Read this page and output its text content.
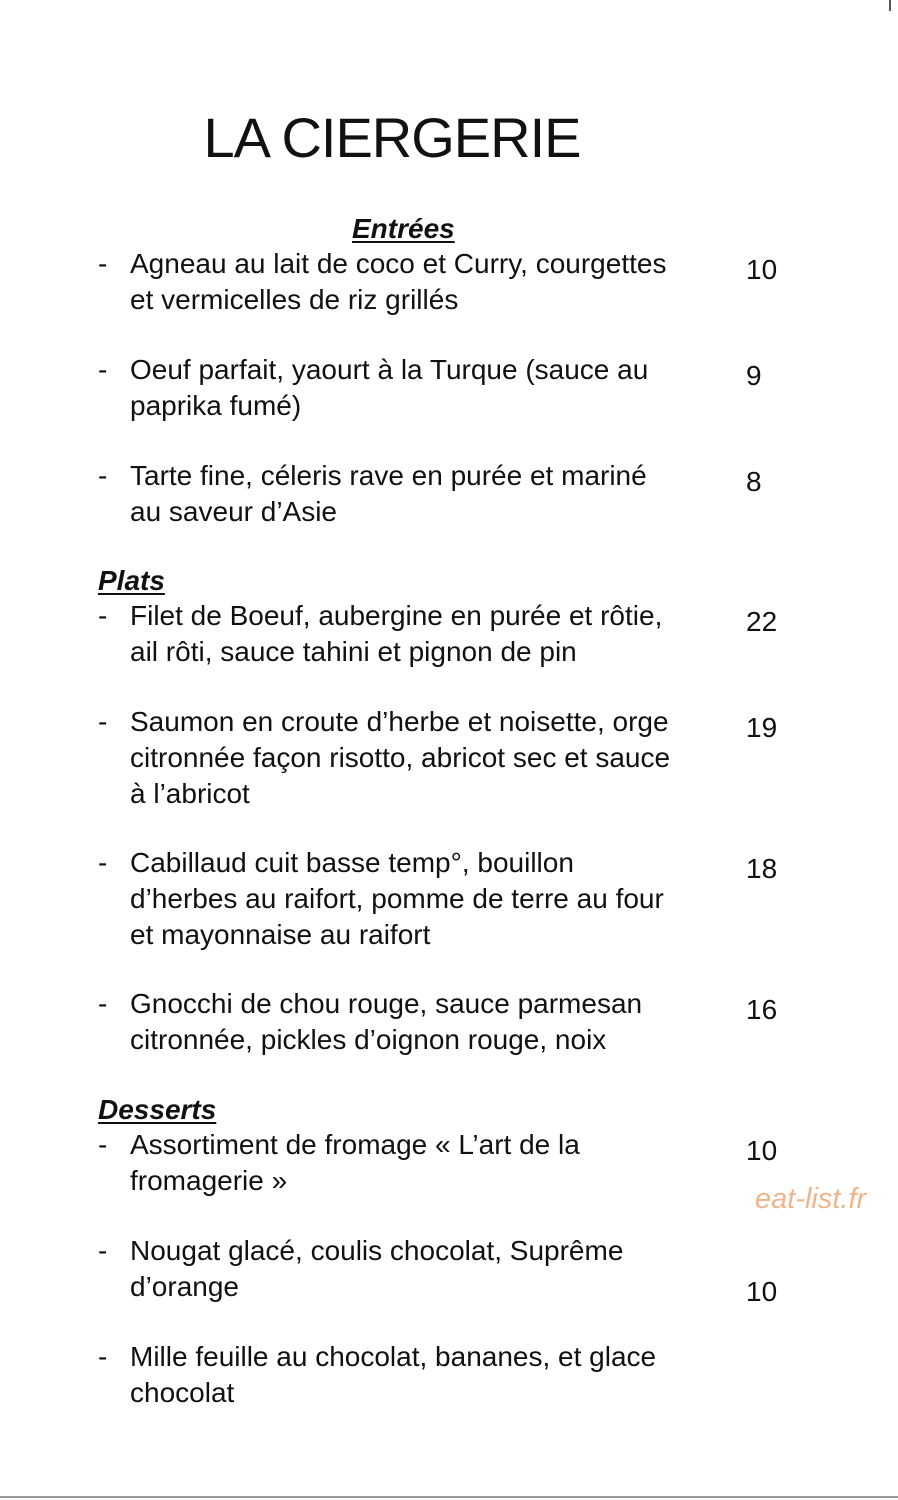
LA CIERGERIE
Entrées
- Agneau au lait de coco et Curry, courgettes
et vermicelles de riz grillés
10
- Oeuf parfait, yaourt à la Turque (sauce au
paprika fumé)
9
- Tarte fine, céleris rave en purée et mariné
au saveur d’Asie
8
Plats
- Filet de Boeuf, aubergine en purée et rôtie,
ail rôti, sauce tahini et pignon de pin
22
- Saumon en croute d’herbe et noisette, orge
citronnée façon risotto, abricot sec et sauce
à l’abricot
19
- Cabillaud cuit basse temp°, bouillon
d’herbes au raifort, pomme de terre au four
et mayonnaise au raifort
18
- Gnocchi de chou rouge, sauce parmesan
citronnée, pickles d’oignon rouge, noix
16
Desserts
- Assortiment de fromage « L’art de la
fromagerie »
10
- Nougat glacé, coulis chocolat, Suprême
d’orange	10
- Mille feuille au chocolat, bananes, et glace
chocolat
eat-list.fr
